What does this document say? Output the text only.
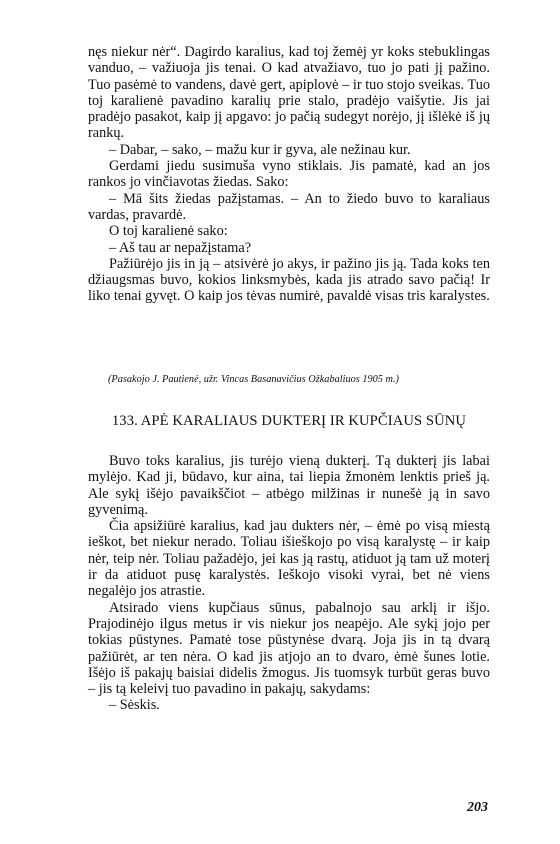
nęs niekur nėr“. Dagirdo karalius, kad toj žemėj yr koks stebuklingas vanduo, – važiuoja jis tenai. O kad atvažiavo, tuo jo pati jį pažino. Tuo pasėmė to vandens, davė gert, apiplovė – ir tuo stojo sveikas. Tuo toj karalienė pavadino karalių prie stalo, pradėjo vaišytie. Jis jai pradėjo pasakot, kaip jį apgavo: jo pačią sudegyt norėjo, jį išlėkė iš jų rankų.

– Dabar, – sako, – mažu kur ir gyva, ale nežinau kur.

Gerdami jiedu susimuša vyno stiklais. Jis pamatė, kad an jos rankos jo vinčiavotas žiedas. Sako:

– Mā šits žiedas pažįstamas. – An to žiedo buvo to karaliaus vardas, pravardė.

O toj karalienė sako:

– Aš tau ar nepažįstama?

Pažiūrėjo jis in ją – atsivėrė jo akys, ir pažino jis ją. Tada koks ten džiaugsmas buvo, kokios linksmybės, kada jis atrado savo pačią! Ir liko tenai gyvęt. O kaip jos tėvas numirė, pavaldė visas tris karalystes.

(Pasakojo J. Pautienė, užr. Vincas Basanavičius Ožkabaliuos 1905 m.)
133. APĖ KARALIAUS DUKTERĮ IR KUPČIAUS SŪNŲ

Buvo toks karalius, jis turėjo vieną dukterį. Tą dukterį jis labai mylėjo. Kad ji, būdavo, kur aina, tai liepia žmonėm lenktis prieš ją. Ale sykį išėjo pavaikščiot – atbėgo milžinas ir nunešė ją in savo gyvenimą.

Čia apsižiūrė karalius, kad jau dukters nėr, – ėmė po visą miestą ieškot, bet niekur nerado. Toliau išieškojo po visą karalystę – ir kaip nėr, teip nėr. Toliau pažadėjo, jei kas ją rastų, atiduot ją tam už moterį ir da atiduot pusę karalystės. Ieškojo visoki vyrai, bet nė viens negalėjo jos atrastie.

Atsirado viens kupčiaus sūnus, pabalnojo sau arklį ir išjo. Prajodinėjo ilgus metus ir vis niekur jos neapėjo. Ale sykį jojo per tokias pūstynes. Pamatė tose pūstynėse dvarą. Joja jis in tą dvarą pažiūrėt, ar ten nėra. O kad jis atjojo an to dvaro, ėmė šunes lotie. Išėjo iš pakajų baisiai didelis žmogus. Jis tuomsyk turbūt geras buvo – jis tą keleivį tuo pavadino in pakajų, sakydams:

– Sėskis.

203
